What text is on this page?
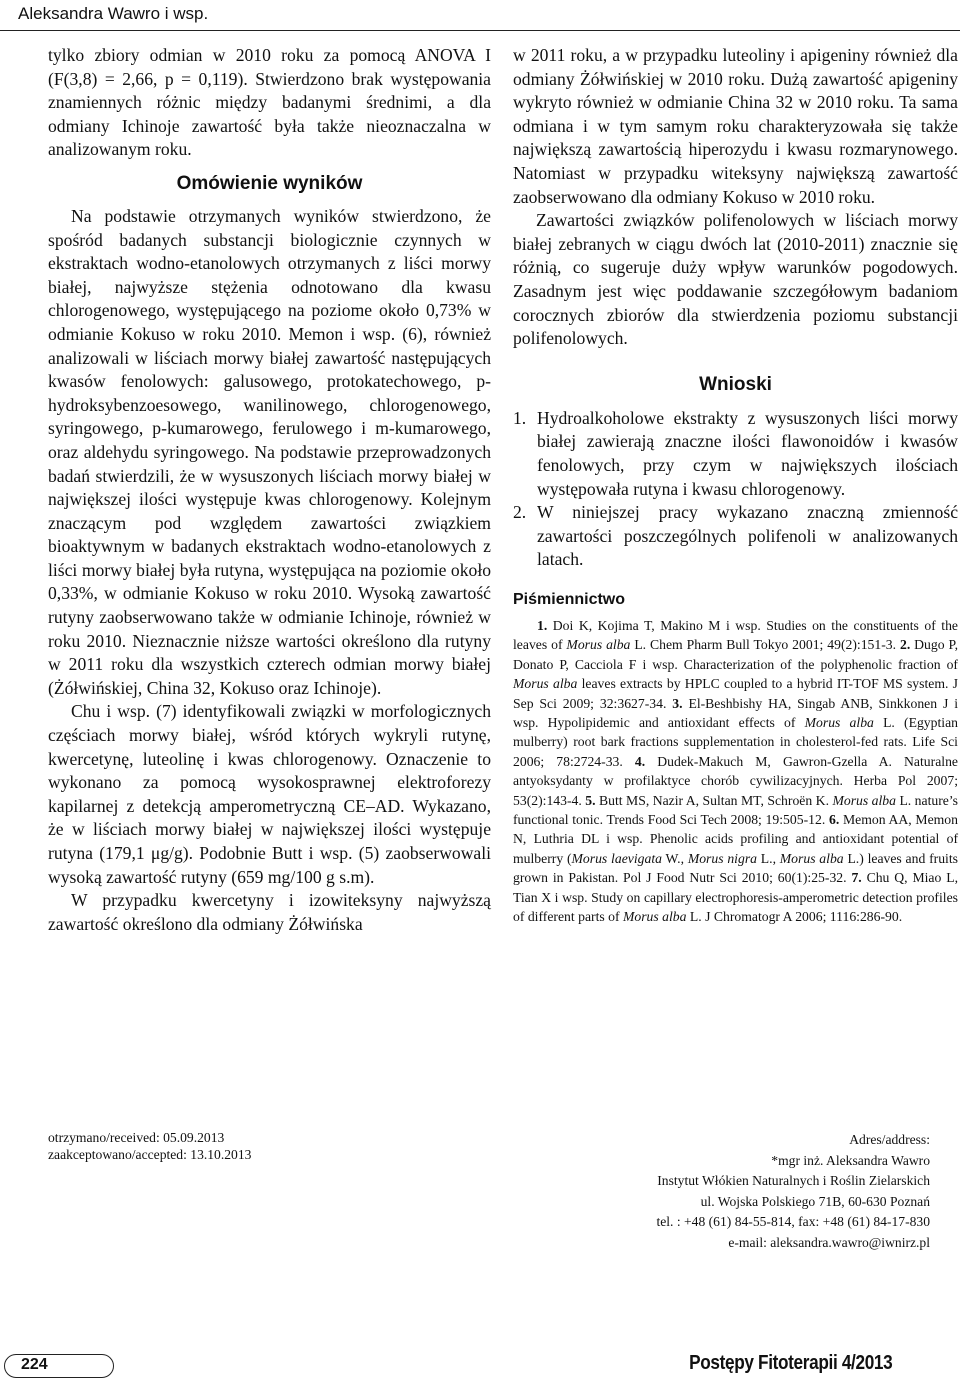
Aleksandra Wawro i wsp.

tylko zbiory odmian w 2010 roku za pomocą ANOVA I (F(3,8) = 2,66, p = 0,119). Stwierdzono brak występowania znamiennych różnic między badanymi średnimi, a dla odmiany Ichinoje zawartość była także nieoznaczalna w analizowanym roku.

Omówienie wyników

Na podstawie otrzymanych wyników stwierdzono, że spośród badanych substancji biologicznie czynnych w ekstraktach wodno-etanolowych otrzymanych z liści morwy białej, najwyższe stężenia odnotowano dla kwasu chlorogenowego, występującego na poziome około 0,73% w odmianie Kokuso w roku 2010. Memon i wsp. (6), również analizowali w liściach morwy białej zawartość następujących kwasów fenolowych: galusowego, protokatechowego, p-hydroksybenzoesowego, wanilinowego, chlorogenowego, syringowego, p-kumarowego, ferulowego i m-kumarowego, oraz aldehydu syringowego. Na podstawie przeprowadzonych badań stwierdzili, że w wysuszonych liściach morwy białej w największej ilości występuje kwas chlorogenowy. Kolejnym znaczącym pod względem zawartości związkiem bioaktywnym w badanych ekstraktach wodno-etanolowych z liści morwy białej była rutyna, występująca na poziomie około 0,33%, w odmianie Kokuso w roku 2010. Wysoką zawartość rutyny zaobserwowano także w odmianie Ichinoje, również w roku 2010. Nieznacznie niższe wartości określono dla rutyny w 2011 roku dla wszystkich czterech odmian morwy białej (Żółwińskiej, China 32, Kokuso oraz Ichinoje).

Chu i wsp. (7) identyfikowali związki w morfologicznych częściach morwy białej, wśród których wykryli rutynę, kwercetynę, luteolinę i kwas chlorogenowy. Oznaczenie to wykonano za pomocą wysokosprawnej elektroforezy kapilarnej z detekcją amperometryczną CE–AD. Wykazano, że w liściach morwy białej w największej ilości występuje rutyna (179,1 μg/g). Podobnie Butt i wsp. (5) zaobserwowali wysoką zawartość rutyny (659 mg/100 g s.m).

W przypadku kwercetyny i izowiteksyny najwyższą zawartość określono dla odmiany Żółwińska

w 2011 roku, a w przypadku luteoliny i apigeniny również dla odmiany Żółwińskiej w 2010 roku. Dużą zawartość apigeniny wykryto również w odmianie China 32 w 2010 roku. Ta sama odmiana i w tym samym roku charakteryzowała się także największą zawartością hiperozydu i kwasu rozmarynowego. Natomiast w przypadku witeksyny największą zawartość zaobserwowano dla odmiany Kokuso w 2010 roku.

Zawartości związków polifenolowych w liściach morwy białej zebranych w ciągu dwóch lat (2010-2011) znacznie się różnią, co sugeruje duży wpływ warunków pogodowych. Zasadnym jest więc poddawanie szczegółowym badaniom corocznych zbiorów dla stwierdzenia poziomu substancji polifenolowych.

Wnioski
1. Hydroalkoholowe ekstrakty z wysuszonych liści morwy białej zawierają znaczne ilości flawonoidów i kwasów fenolowych, przy czym w największych ilościach występowała rutyna i kwasu chlorogenowy.
2. W niniejszej pracy wykazano znaczną zmienność zawartości poszczególnych polifenoli w analizowanych latach.
Piśmiennictwo
1. Doi K, Kojima T, Makino M i wsp. Studies on the constituents of the leaves of Morus alba L. Chem Pharm Bull Tokyo 2001; 49(2):151-3. 2. Dugo P, Donato P, Cacciola F i wsp. Characterization of the polyphenolic fraction of Morus alba leaves extracts by HPLC coupled to a hybrid IT-TOF MS system. J Sep Sci 2009; 32:3627-34. 3. El-Beshbishy HA, Singab ANB, Sinkkonen J i wsp. Hypolipidemic and antioxidant effects of Morus alba L. (Egyptian mulberry) root bark fractions supplementation in cholesterol-fed rats. Life Sci 2006; 78:2724-33. 4. Dudek-Makuch M, Gawron-Gzella A. Naturalne antyoksydanty w profilaktyce chorób cywilizacyjnych. Herba Pol 2007; 53(2):143-4. 5. Butt MS, Nazir A, Sultan MT, Schroën K. Morus alba L. nature’s functional tonic. Trends Food Sci Tech 2008; 19:505-12. 6. Memon AA, Memon N, Luthria DL i wsp. Phenolic acids profiling and antioxidant potential of mulberry (Morus laevigata W., Morus nigra L., Morus alba L.) leaves and fruits grown in Pakistan. Pol J Food Nutr Sci 2010; 60(1):25-32. 7. Chu Q, Miao L, Tian X i wsp. Study on capillary electrophoresis-amperometric detection profiles of different parts of Morus alba L. J Chromatogr A 2006; 1116:286-90.
otrzymano/received: 05.09.2013
zaakceptowano/accepted: 13.10.2013
Adres/address:
*mgr inż. Aleksandra Wawro
Instytut Włókien Naturalnych i Roślin Zielarskich
ul. Wojska Polskiego 71B, 60-630 Poznań
tel. : +48 (61) 84-55-814, fax: +48 (61) 84-17-830
e-mail: aleksandra.wawro@iwnirz.pl
224	Postępy Fitoterapii 4/2013
